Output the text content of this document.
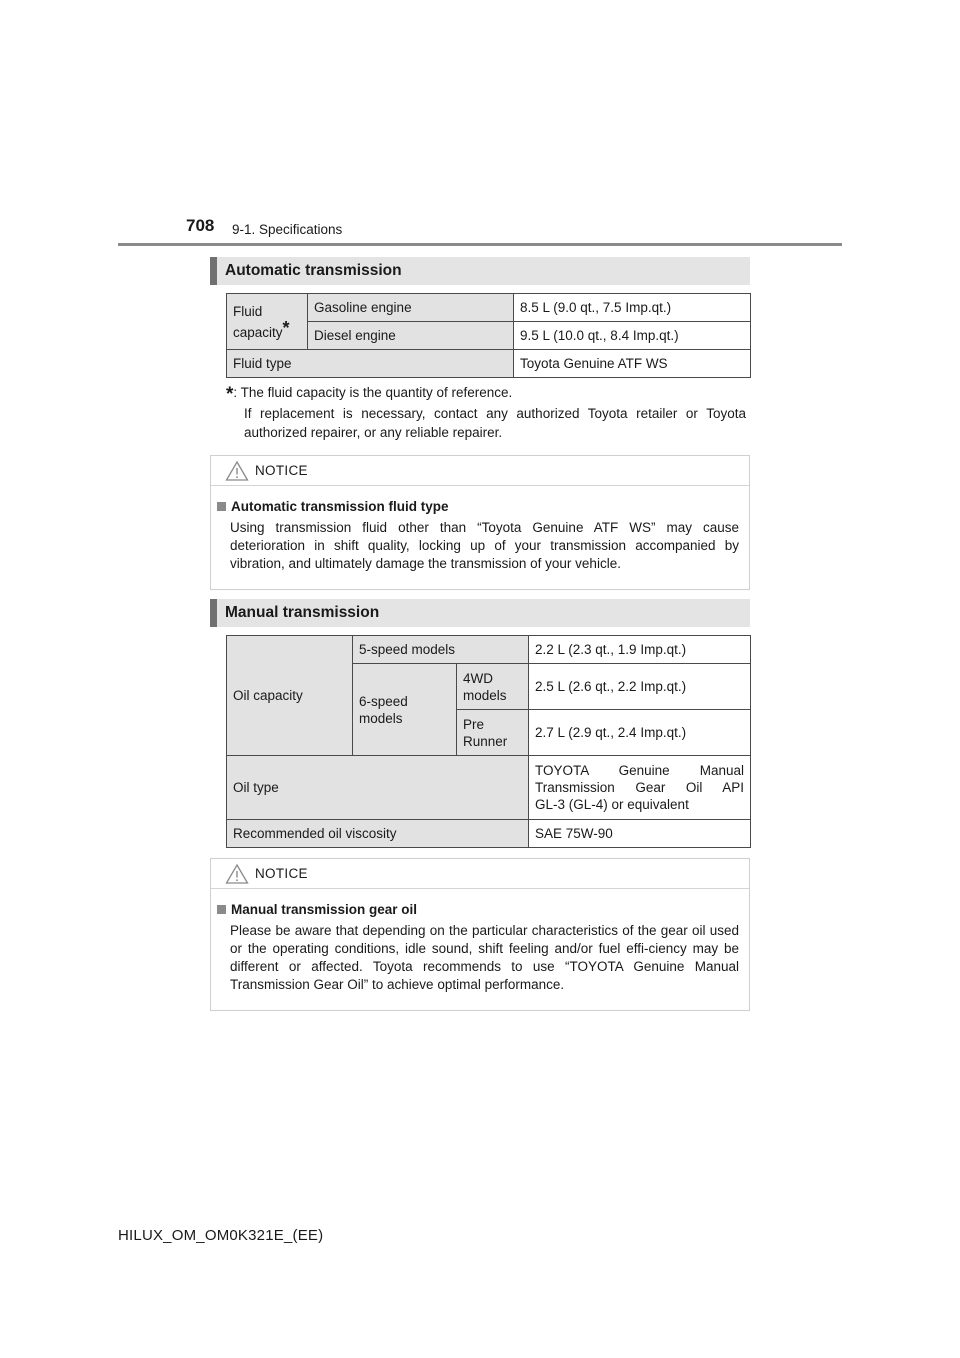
708 9-1. Specifications
Automatic transmission
Fluid capacity*	Gasoline engine	8.5 L (9.0 qt., 7.5 Imp.qt.)
	Diesel engine	9.5 L (10.0 qt., 8.4 Imp.qt.)
Fluid type		Toyota Genuine ATF WS
*: The fluid capacity is the quantity of reference.
If replacement is necessary, contact any authorized Toyota retailer or Toyota authorized repairer, or any reliable repairer.
NOTICE
Automatic transmission fluid type
Using transmission fluid other than “Toyota Genuine ATF WS” may cause deterioration in shift quality, locking up of your transmission accompanied by vibration, and ultimately damage the transmission of your vehicle.
Manual transmission
Oil capacity	5-speed models		2.2 L (2.3 qt., 1.9 Imp.qt.)
	6-speed models	4WD models	2.5 L (2.6 qt., 2.2 Imp.qt.)
		Pre Runner	2.7 L (2.9 qt., 2.4 Imp.qt.)
Oil type			TOYOTA Genuine Manual
Transmission Gear Oil API
GL-3 (GL-4) or equivalent

Recommended oil viscosity			SAE 75W-90
NOTICE
Manual transmission gear oil
Please be aware that depending on the particular characteristics of the gear oil used or the operating conditions, idle sound, shift feeling and/or fuel effi-ciency may be different or affected. Toyota recommends to use “TOYOTA Genuine Manual Transmission Gear Oil” to achieve optimal performance.
HILUX_OM_OM0K321E_(EE)
